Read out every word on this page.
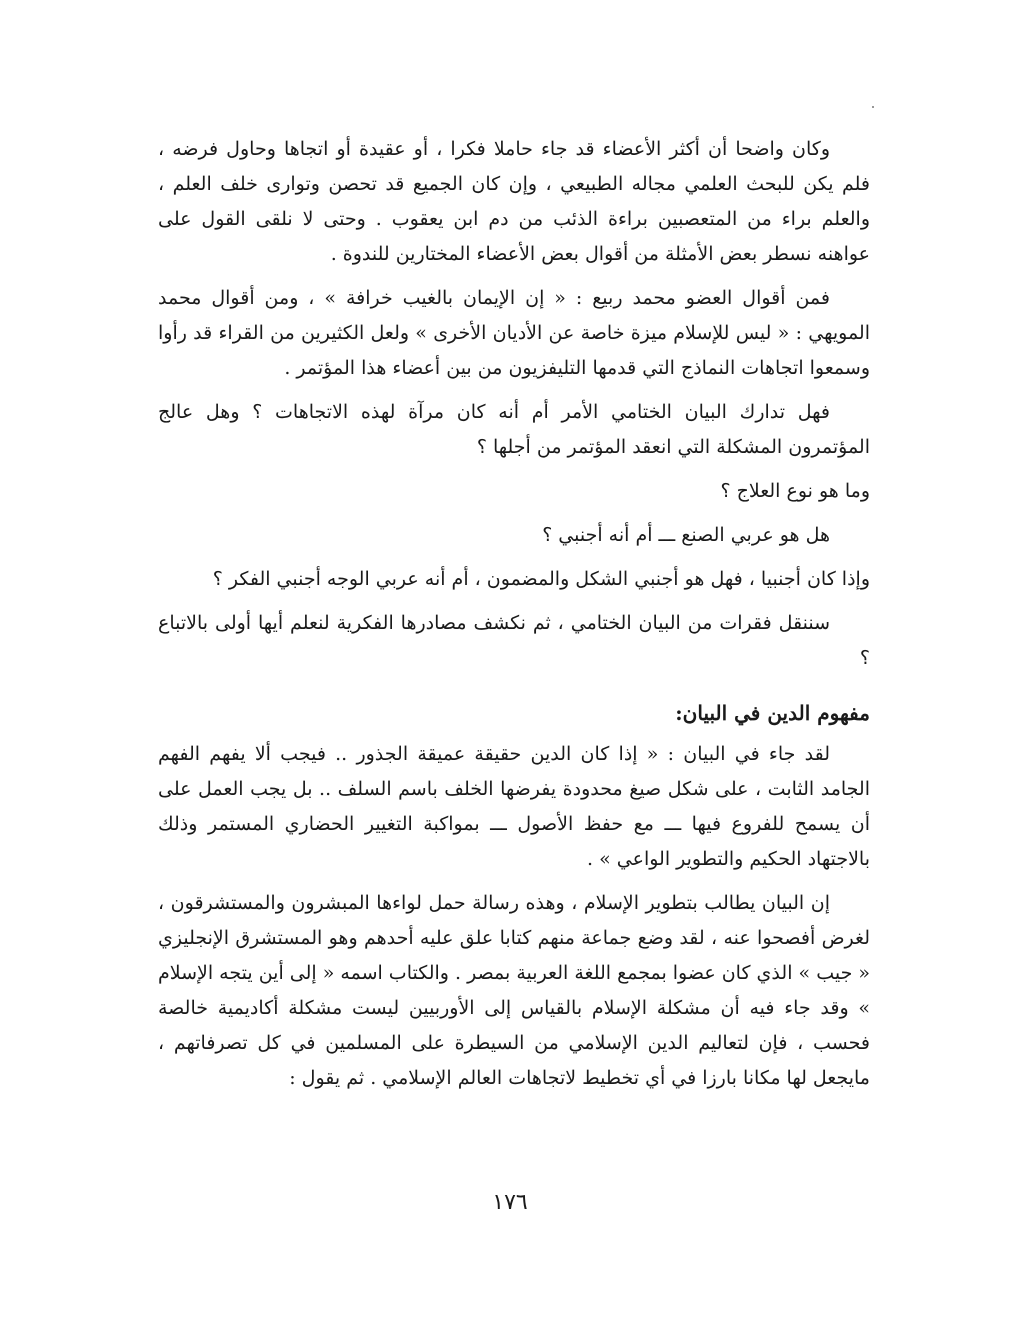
وكان واضحا أن أكثر الأعضاء قد جاء حاملا فكرا ، أو عقيدة أو اتجاها وحاول فرضه ، فلم يكن للبحث العلمي مجاله الطبيعي ، وإن كان الجميع قد تحصن وتوارى خلف العلم ، والعلم براء من المتعصبين براءة الذئب من دم ابن يعقوب . وحتى لا نلقى القول على عواهنه نسطر بعض الأمثلة من أقوال بعض الأعضاء المختارين للندوة .

فمن أقوال العضو محمد ربيع : « إن الإيمان بالغيب خرافة » ، ومن أقوال محمد المويهي : « ليس للإسلام ميزة خاصة عن الأديان الأخرى » ولعل الكثيرين من القراء قد رأوا وسمعوا اتجاهات النماذج التي قدمها التليفزيون من بين أعضاء هذا المؤتمر .

فهل تدارك البيان الختامي الأمر أم أنه كان مرآة لهذه الاتجاهات ؟ وهل عالج المؤتمرون المشكلة التي انعقد المؤتمر من أجلها ؟

وما هو نوع العلاج ؟

هل هو عربي الصنع ـــ أم أنه أجنبي ؟

وإذا كان أجنبيا ، فهل هو أجنبي الشكل والمضمون ، أم أنه عربي الوجه أجنبي الفكر ؟

سننقل فقرات من البيان الختامي ، ثم نكشف مصادرها الفكرية لنعلم أيها أولى بالاتباع ؟

مفهوم الدين في البيان:

لقد جاء في البيان : « إذا كان الدين حقيقة عميقة الجذور .. فيجب ألا يفهم الفهم الجامد الثابت ، على شكل صيغ محدودة يفرضها الخلف باسم السلف .. بل يجب العمل على أن يسمح للفروع فيها ـــ مع حفظ الأصول ـــ بمواكبة التغيير الحضاري المستمر وذلك بالاجتهاد الحكيم والتطوير الواعي » .

إن البيان يطالب بتطوير الإسلام ، وهذه رسالة حمل لواءها المبشرون والمستشرقون ، لغرض أفصحوا عنه ، لقد وضع جماعة منهم كتابا علق عليه أحدهم وهو المستشرق الإنجليزي « جيب » الذي كان عضوا بمجمع اللغة العربية بمصر . والكتاب اسمه « إلى أين يتجه الإسلام » وقد جاء فيه أن مشكلة الإسلام بالقياس إلى الأوربيين ليست مشكلة أكاديمية خالصة فحسب ، فإن لتعاليم الدين الإسلامي من السيطرة على المسلمين في كل تصرفاتهم ، مايجعل لها مكانا بارزا في أي تخطيط لاتجاهات العالم الإسلامي . ثم يقول :

١٧٦
